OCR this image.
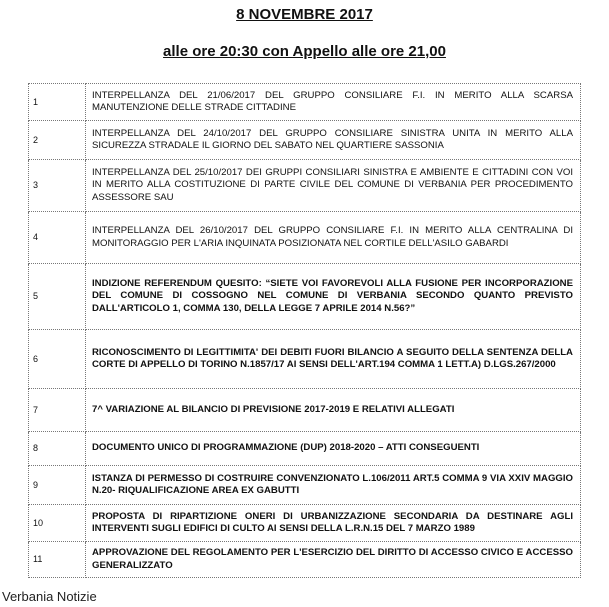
8 NOVEMBRE 2017
alle ore 20:30 con Appello alle ore 21,00
1	INTERPELLANZA DEL 21/06/2017 DEL GRUPPO CONSILIARE F.I. IN MERITO ALLA SCARSA MANUTENZIONE DELLE STRADE CITTADINE
2	INTERPELLANZA DEL 24/10/2017 DEL GRUPPO CONSILIARE SINISTRA UNITA IN MERITO ALLA SICUREZZA STRADALE IL GIORNO DEL SABATO NEL QUARTIERE SASSONIA
3	INTERPELLANZA DEL 25/10/2017 DEI GRUPPI CONSILIARI SINISTRA E AMBIENTE E CITTADINI CON VOI IN MERITO ALLA COSTITUZIONE DI PARTE CIVILE DEL COMUNE DI VERBANIA PER PROCEDIMENTO ASSESSORE SAU
4	INTERPELLANZA DEL 26/10/2017 DEL GRUPPO CONSILIARE F.I. IN MERITO ALLA CENTRALINA DI MONITORAGGIO PER L'ARIA INQUINATA POSIZIONATA NEL CORTILE DELL'ASILO GABARDI
5	INDIZIONE REFERENDUM QUESITO: “SIETE VOI FAVOREVOLI ALLA FUSIONE PER INCORPORAZIONE DEL COMUNE DI COSSOGNO NEL COMUNE DI VERBANIA SECONDO QUANTO PREVISTO DALL'ARTICOLO 1, COMMA 130, DELLA LEGGE 7 APRILE 2014 N.56?”
6	RICONOSCIMENTO DI LEGITTIMITA' DEI DEBITI FUORI BILANCIO A SEGUITO DELLA SENTENZA DELLA CORTE DI APPELLO DI TORINO N.1857/17 AI SENSI DELL'ART.194 COMMA 1 LETT.A) D.LGS.267/2000
7	7^ VARIAZIONE AL BILANCIO DI PREVISIONE 2017-2019 E RELATIVI ALLEGATI
8	DOCUMENTO UNICO DI PROGRAMMAZIONE (DUP) 2018-2020 – ATTI CONSEGUENTI
9	ISTANZA DI PERMESSO DI COSTRUIRE CONVENZIONATO L.106/2011 ART.5 COMMA 9 VIA XXIV MAGGIO N.20- RIQUALIFICAZIONE AREA EX GABUTTI
10	PROPOSTA DI RIPARTIZIONE ONERI DI URBANIZZAZIONE SECONDARIA DA DESTINARE AGLI INTERVENTI SUGLI EDIFICI DI CULTO AI SENSI DELLA L.R.N.15 DEL 7 MARZO 1989
11	APPROVAZIONE DEL REGOLAMENTO PER L'ESERCIZIO DEL DIRITTO DI ACCESSO CIVICO E ACCESSO GENERALIZZATO
Verbania Notizie
